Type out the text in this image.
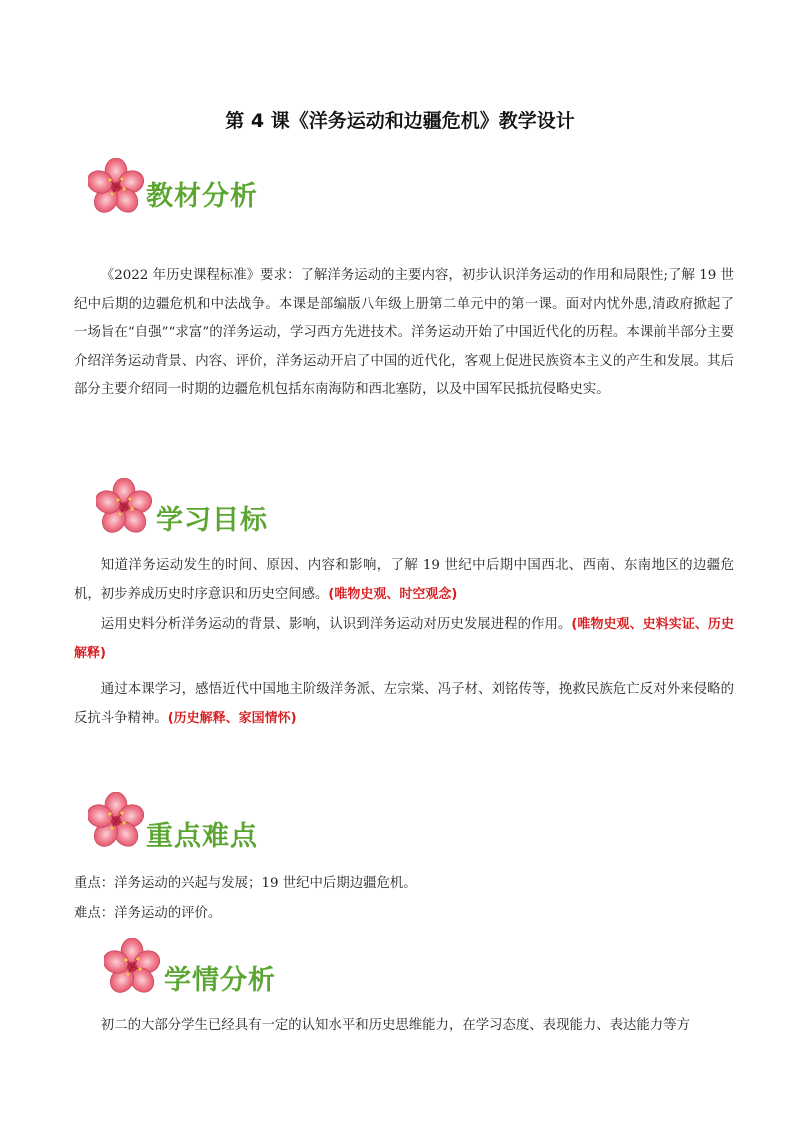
第 4 课《洋务运动和边疆危机》教学设计
教材分析

《2022 年历史课程标准》要求：了解洋务运动的主要内容，初步认识洋务运动的作用和局限性;了解 19 世纪中后期的边疆危机和中法战争。本课是部编版八年级上册第二单元中的第一课。面对内忧外患,清政府掀起了一场旨在“自强”“求富”的洋务运动，学习西方先进技术。洋务运动开始了中国近代化的历程。本课前半部分主要介绍洋务运动背景、内容、评价，洋务运动开启了中国的近代化，客观上促进民族资本主义的产生和发展。其后部分主要介绍同一时期的边疆危机包括东南海防和西北塞防，以及中国军民抵抗侵略史实。

学习目标

知道洋务运动发生的时间、原因、内容和影响，了解 19 世纪中后期中国西北、西南、东南地区的边疆危机，初步养成历史时序意识和历史空间感。(唯物史观、时空观念)

运用史料分析洋务运动的背景、影响，认识到洋务运动对历史发展进程的作用。(唯物史观、史料实证、历史解释)

通过本课学习，感悟近代中国地主阶级洋务派、左宗棠、冯子材、刘铭传等，挽救民族危亡反对外来侵略的反抗斗争精神。(历史解释、家国情怀)

重点难点

重点：洋务运动的兴起与发展；19 世纪中后期边疆危机。

难点：洋务运动的评价。

学情分析

初二的大部分学生已经具有一定的认知水平和历史思维能力，在学习态度、表现能力、表达能力等方
